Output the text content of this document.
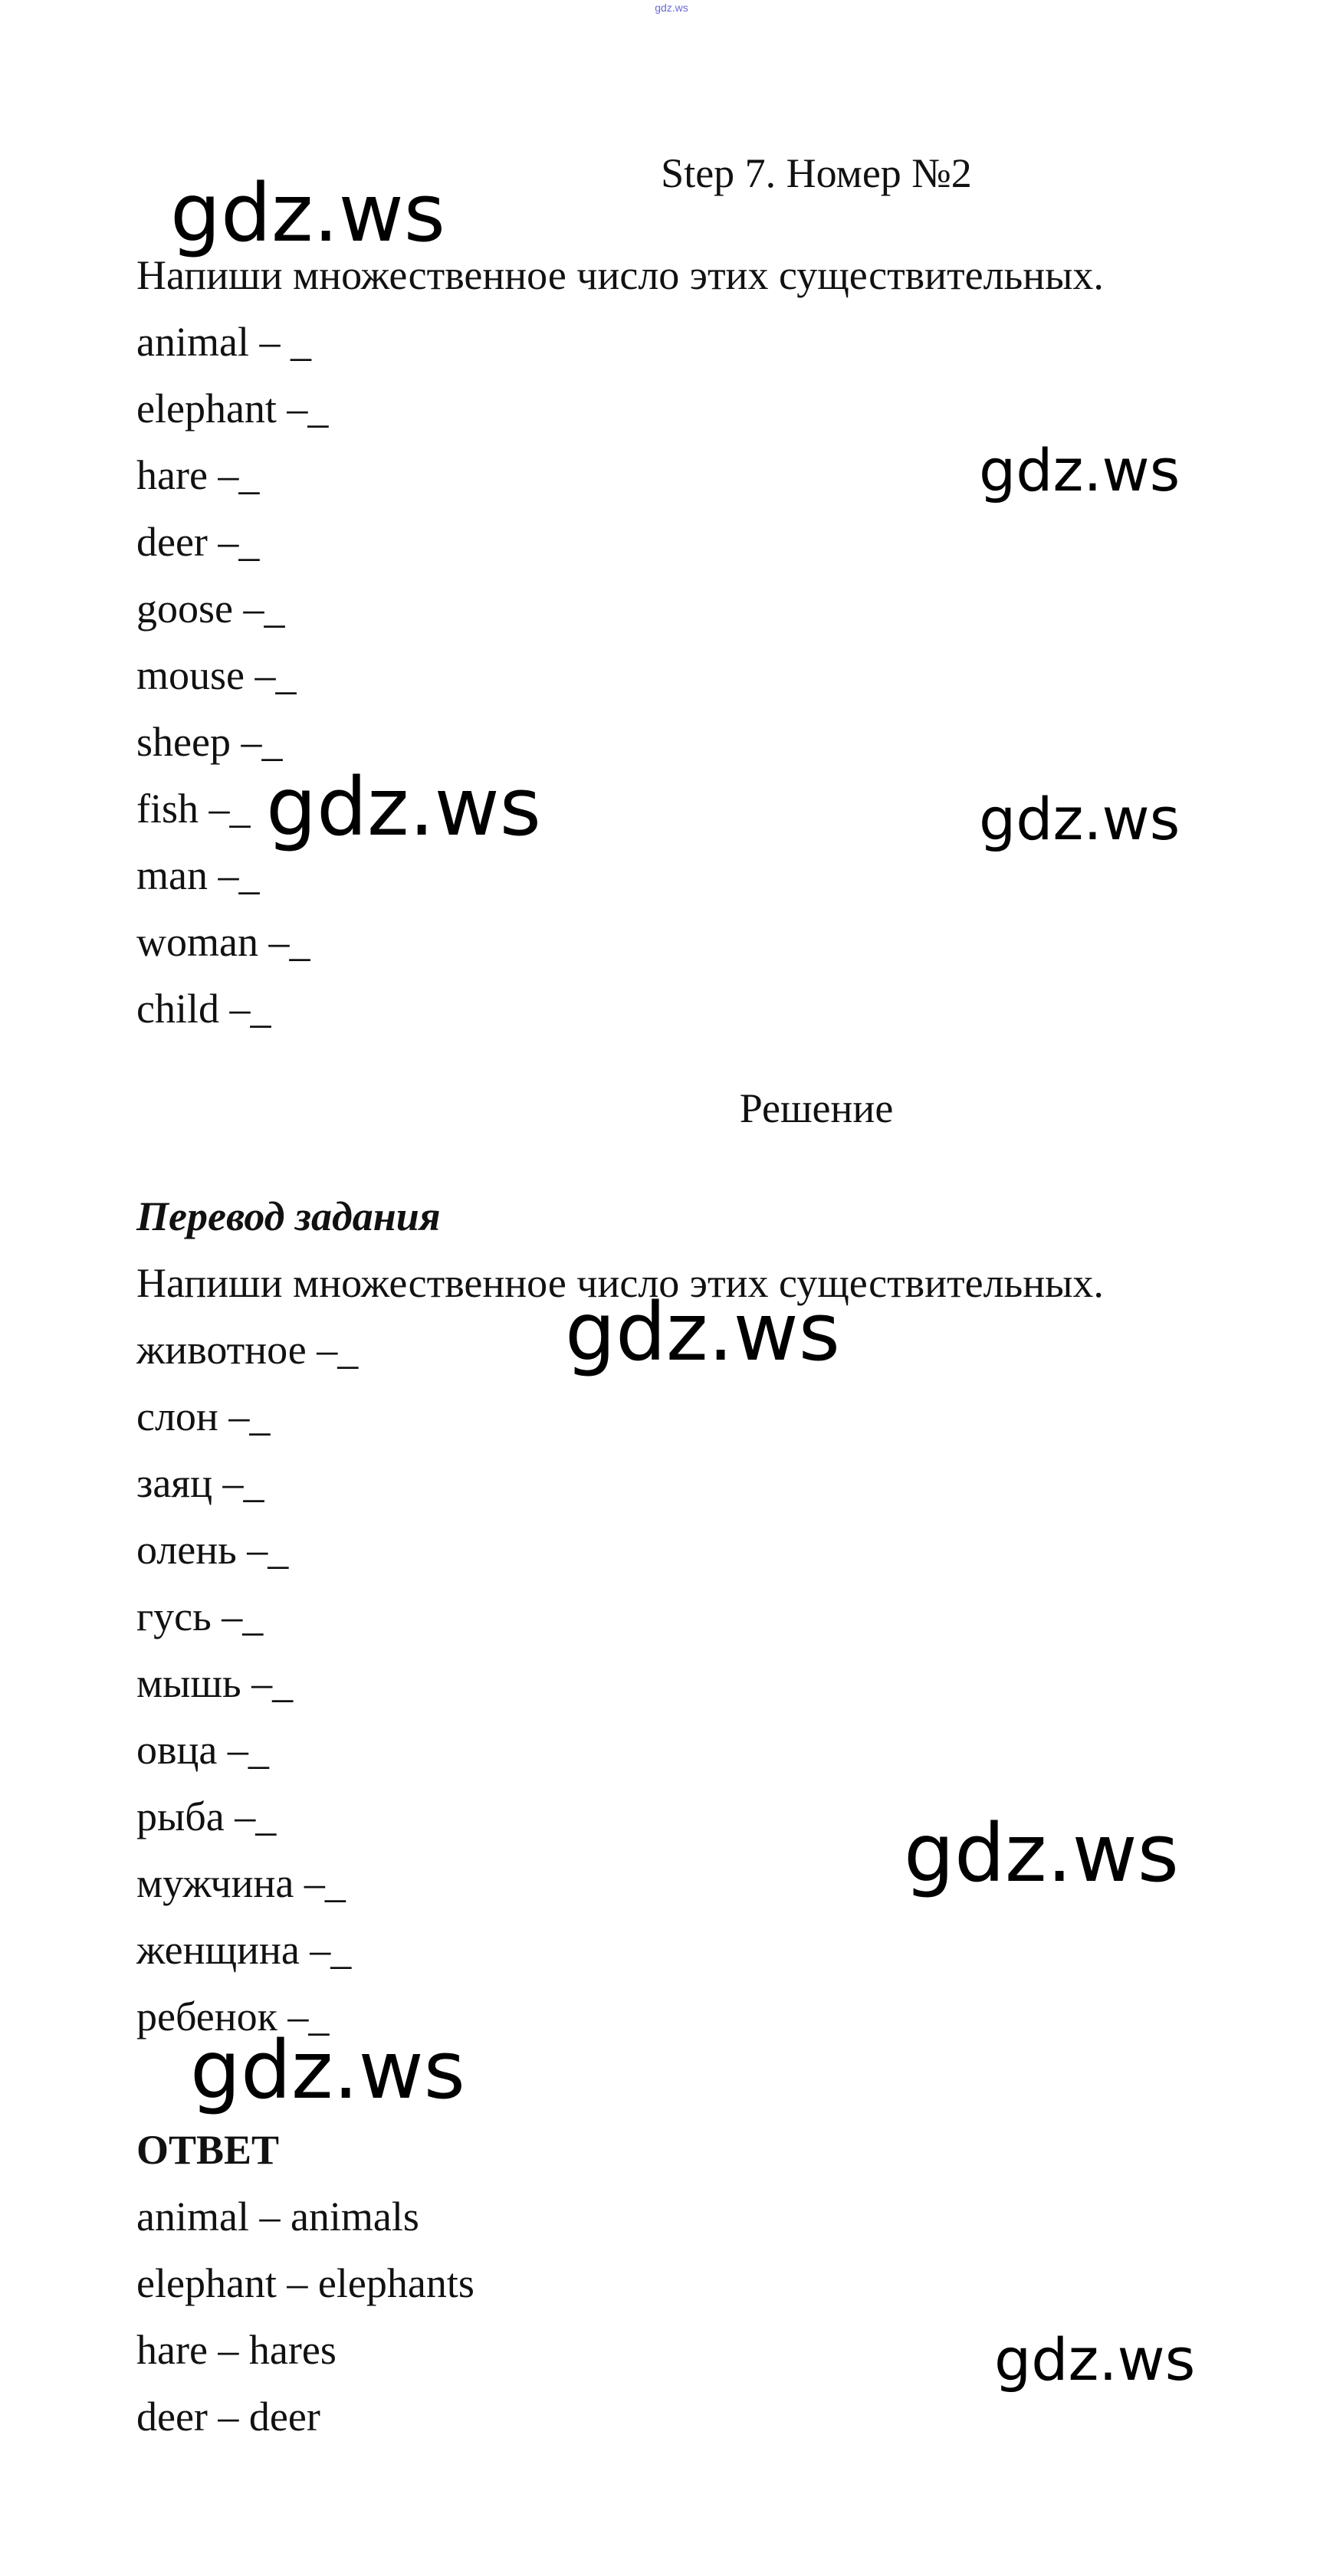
gdz.ws
Step 7. Номер №2
Напиши множественное число этих существительных.
animal – _
elephant –_
hare –_
deer –_
goose –_
mouse –_
sheep –_
fish –_
man –_
woman –_
child –_
Решение
Перевод задания
Напиши множественное число этих существительных.
животное –_
слон –_
заяц –_
олень –_
гусь –_
мышь –_
овца –_
рыба –_
мужчина –_
женщина –_
ребенок –_
ОТВЕТ
animal – animals
elephant – elephants
hare – hares
deer – deer
gdz.ws
gdz.ws
gdz.ws	gdz.ws
gdz.ws
gdz.ws
gdz.ws
gdz.ws
